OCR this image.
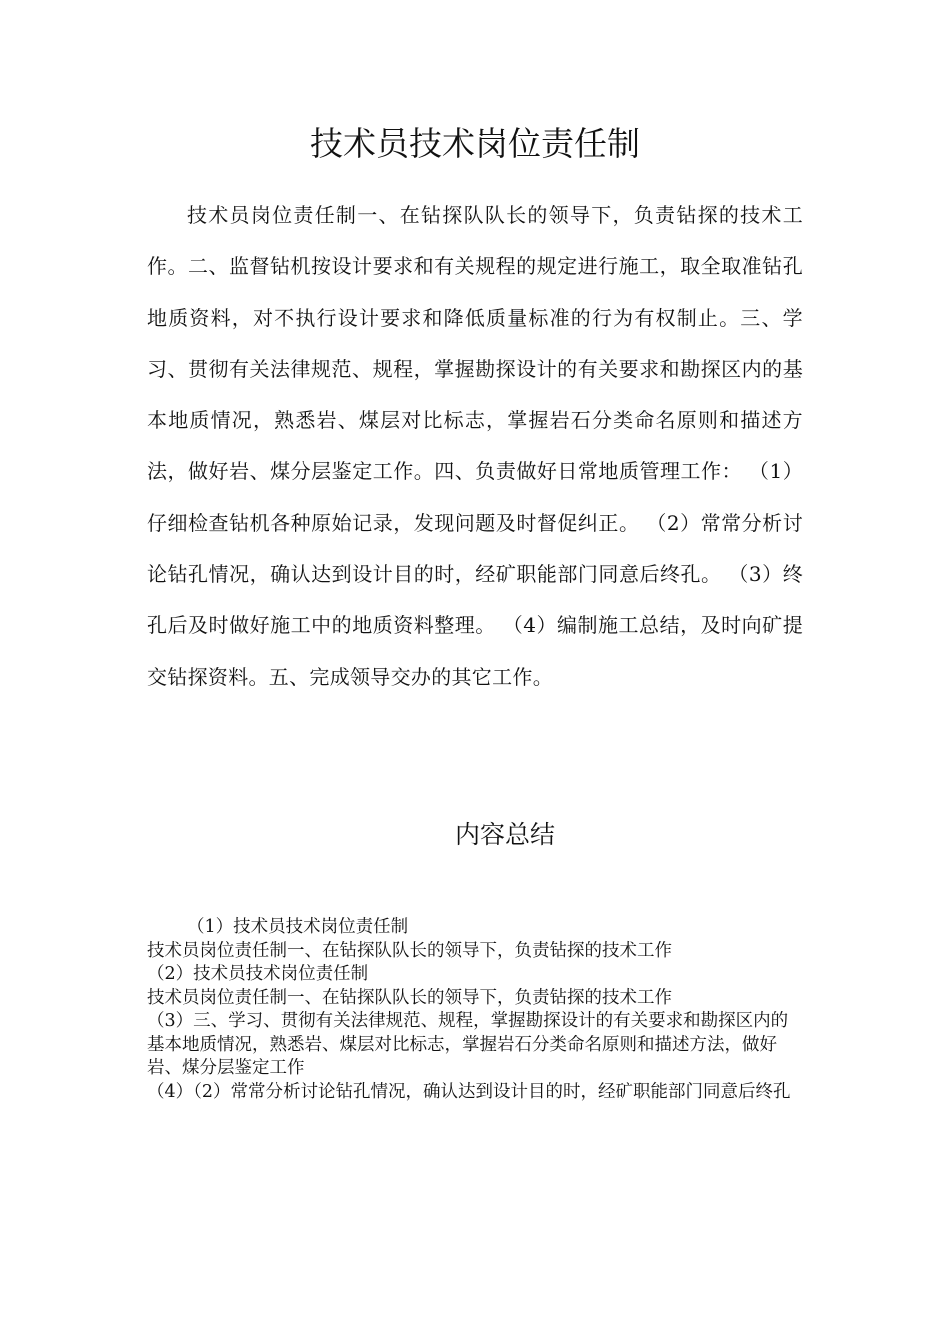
技术员技术岗位责任制

技术员岗位责任制一、在钻探队队长的领导下，负责钻探的技术工作。二、监督钻机按设计要求和有关规程的规定进行施工，取全取准钻孔地质资料，对不执行设计要求和降低质量标准的行为有权制止。三、学习、贯彻有关法律规范、规程，掌握勘探设计的有关要求和勘探区内的基本地质情况，熟悉岩、煤层对比标志，掌握岩石分类命名原则和描述方法，做好岩、煤分层鉴定工作。四、负责做好日常地质管理工作： （1）仔细检查钻机各种原始记录，发现问题及时督促纠正。 （2）常常分析讨论钻孔情况，确认达到设计目的时，经矿职能部门同意后终孔。 （3）终孔后及时做好施工中的地质资料整理。 （4）编制施工总结，及时向矿提交钻探资料。五、完成领导交办的其它工作。

内容总结
（1）技术员技术岗位责任制
技术员岗位责任制一、在钻探队队长的领导下，负责钻探的技术工作
（2）技术员技术岗位责任制
技术员岗位责任制一、在钻探队队长的领导下，负责钻探的技术工作
（3）三、学习、贯彻有关法律规范、规程，掌握勘探设计的有关要求和勘探区内的基本地质情况，熟悉岩、煤层对比标志，掌握岩石分类命名原则和描述方法，做好岩、煤分层鉴定工作
（4）（2）常常分析讨论钻孔情况，确认达到设计目的时，经矿职能部门同意后终孔
